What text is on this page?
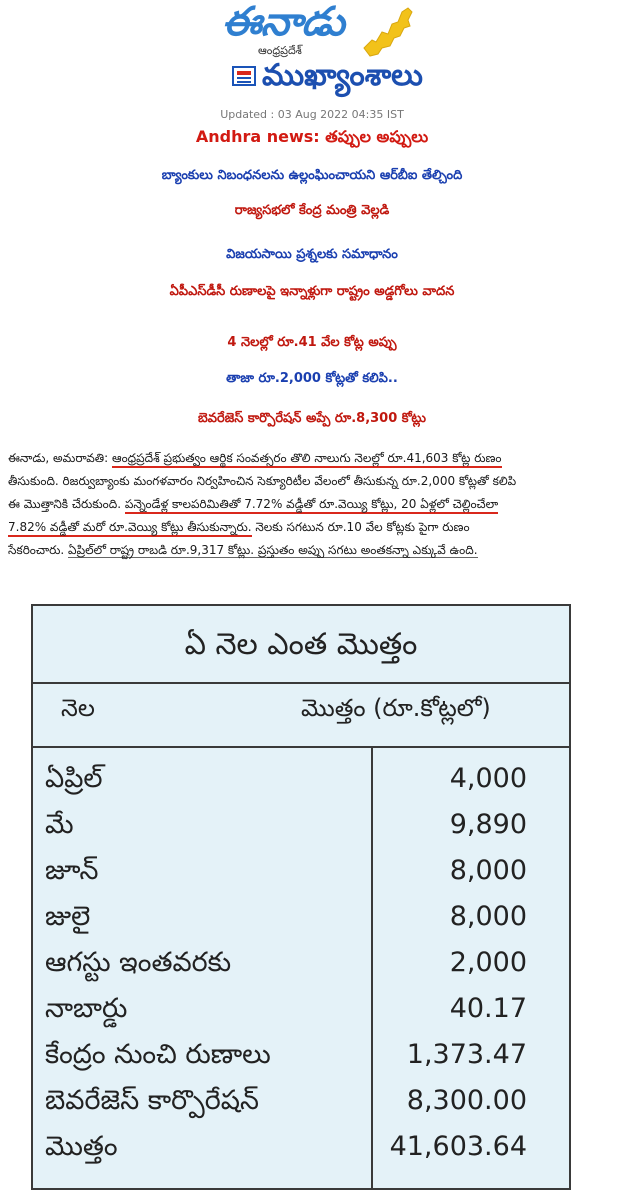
ఈనాడు
ఆంధ్రప్రదేశ్
ముఖ్యాంశాలు
Updated : 03 Aug 2022 04:35 IST
Andhra news: తప్పుల అప్పులు
బ్యాంకులు నిబంధనలను ఉల్లంఘించాయని ఆర్‌బీఐ తేల్చింది
రాజ్యసభలో కేంద్ర మంత్రి వెల్లడి
విజయసాయి ప్రశ్నలకు సమాధానం
ఏపీఎస్‌డీసీ రుణాలపై ఇన్నాళ్లుగా రాష్ట్రం అడ్డగోలు వాదన
4 నెలల్లో రూ.41 వేల కోట్ల అప్పు
తాజా రూ.2,000 కోట్లతో కలిపి..
బెవరేజెస్ కార్పొరేషన్ అప్పే రూ.8,300 కోట్లు
ఈనాడు, అమరావతి: ఆంధ్రప్రదేశ్ ప్రభుత్వం ఆర్థిక సంవత్సరం తొలి నాలుగు నెలల్లో రూ.41,603 కోట్ల రుణం
తీసుకుంది. రిజర్వుబ్యాంకు మంగళవారం నిర్వహించిన సెక్యూరిటీల వేలంలో తీసుకున్న రూ.2,000 కోట్లతో కలిపి
ఈ మొత్తానికి చేరుకుంది. పన్నెండేళ్ల కాలపరిమితితో 7.72% వడ్డీతో రూ.వెయ్యి కోట్లు, 20 ఏళ్లలో చెల్లించేలా
7.82% వడ్డీతో మరో రూ.వెయ్యి కోట్లు తీసుకున్నారు. నెలకు సగటున రూ.10 వేల కోట్లకు పైగా రుణం
సేకరించారు. ఏప్రిల్‌లో రాష్ట్ర రాబడి రూ.9,317 కోట్లు. ప్రస్తుతం అప్పు సగటు అంతకన్నా ఎక్కువే ఉంది.
ఏ నెల ఎంత మొత్తం
నెల	మొత్తం (రూ.కోట్లలో)
ఏప్రిల్	4,000
మే	9,890
జూన్	8,000
జులై	8,000
ఆగస్టు ఇంతవరకు	2,000
నాబార్డు	40.17
కేంద్రం నుంచి రుణాలు	1,373.47
బెవరేజెస్ కార్పొరేషన్	8,300.00
మొత్తం	41,603.64
